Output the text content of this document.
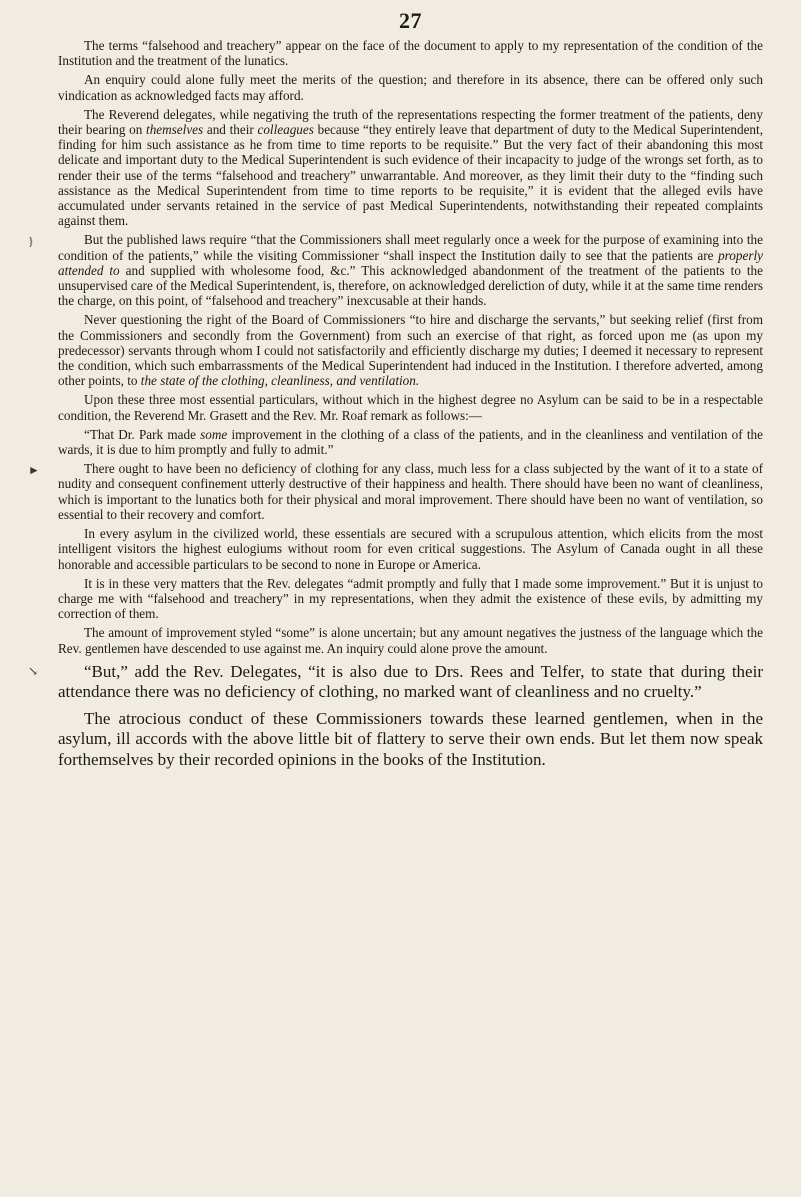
27

The terms “falsehood and treachery” appear on the face of the document to apply to my representation of the condition of the Institution and the treatment of the lunatics.

An enquiry could alone fully meet the merits of the question; and therefore in its absence, there can be offered only such vindication as acknowledged facts may afford.

The Reverend delegates, while negativing the truth of the representations respecting the former treatment of the patients, deny their bearing on themselves and their colleagues because “they entirely leave that department of duty to the Medical Superintendent, finding for him such assistance as he from time to time reports to be requisite.” But the very fact of their abandoning this most delicate and important duty to the Medical Superintendent is such evidence of their incapacity to judge of the wrongs set forth, as to render their use of the terms “falsehood and treachery” unwarrantable. And moreover, as they limit their duty to the “finding such assistance as the Medical Superintendent from time to time reports to be requisite,” it is evident that the alleged evils have accumulated under servants retained in the service of past Medical Superintendents, notwithstanding their repeated complaints against them.

But the published laws require “that the Commissioners shall meet regularly once a week for the purpose of examining into the condition of the patients,” while the visiting Commissioner “shall inspect the Institution daily to see that the patients are properly attended to and supplied with wholesome food, &c.” This acknowledged abandonment of the treatment of the patients to the unsupervised care of the Medical Superintendent, is, therefore, on acknowledged dereliction of duty, while it at the same time renders the charge, on this point, of “falsehood and treachery” inexcusable at their hands.

Never questioning the right of the Board of Commissioners “to hire and discharge the servants,” but seeking relief (first from the Commissioners and secondly from the Government) from such an exercise of that right, as forced upon me (as upon my predecessor) servants through whom I could not satisfactorily and efficiently discharge my duties; I deemed it necessary to represent the condition, which such embarrassments of the Medical Superintendent had induced in the Institution. I therefore adverted, among other points, to the state of the clothing, cleanliness, and ventilation.

Upon these three most essential particulars, without which in the highest degree no Asylum can be said to be in a respectable condition, the Reverend Mr. Grasett and the Rev. Mr. Roaf remark as follows:—

“That Dr. Park made some improvement in the clothing of a class of the patients, and in the cleanliness and ventilation of the wards, it is due to him promptly and fully to admit.”

There ought to have been no deficiency of clothing for any class, much less for a class subjected by the want of it to a state of nudity and consequent confinement utterly destructive of their happiness and health. There should have been no want of cleanliness, which is important to the lunatics both for their physical and moral improvement. There should have been no want of ventilation, so essential to their recovery and comfort.

In every asylum in the civilized world, these essentials are secured with a scrupulous attention, which elicits from the most intelligent visitors the highest eulogiums without room for even critical suggestions. The Asylum of Canada ought in all these honorable and accessible particulars to be second to none in Europe or America.

It is in these very matters that the Rev. delegates “admit promptly and fully that I made some improvement.” But it is unjust to charge me with “falsehood and treachery” in my representations, when they admit the existence of these evils, by admitting my correction of them.

The amount of improvement styled “some” is alone uncertain; but any amount negatives the justness of the language which the Rev. gentlemen have descended to use against me. An inquiry could alone prove the amount.

“But,” add the Rev. Delegates, “it is also due to Drs. Rees and Telfer, to state that during their attendance there was no deficiency of clothing, no marked want of cleanliness and no cruelty.”

The atrocious conduct of these Commissioners towards these learned gentlemen, when in the asylum, ill accords with the above little bit of flattery to serve their own ends. But let them now speak forthemselves by their recorded opinions in the books of the Institution.

}
►
↘
